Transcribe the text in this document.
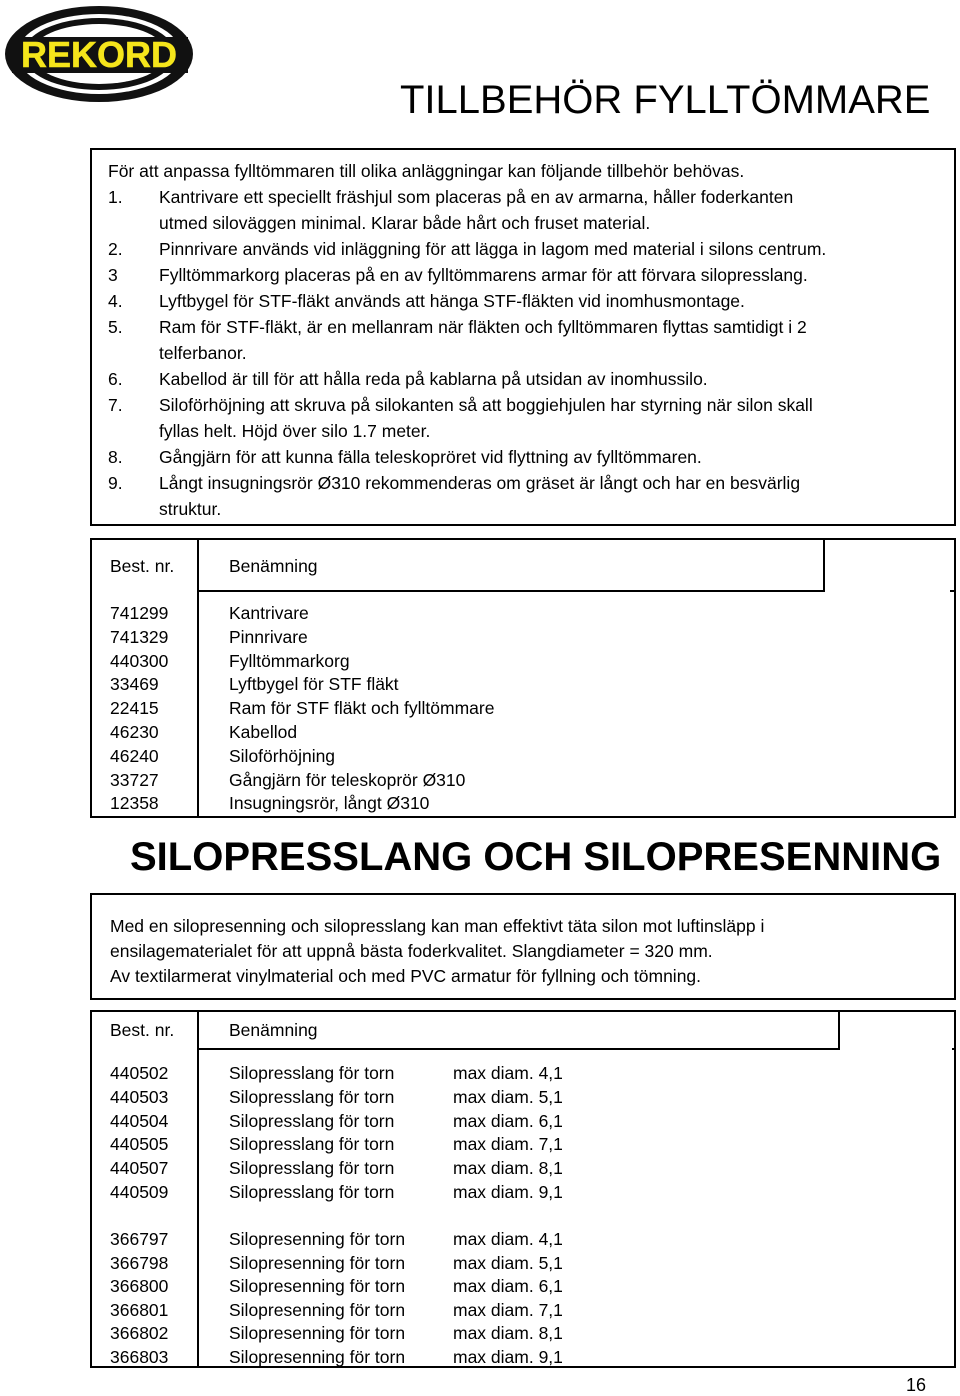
REKORD
TILLBEHÖR FYLLTÖMMARE
För att anpassa fylltömmaren till olika anläggningar kan följande tillbehör behövas.
1.	Kantrivare ett speciellt fräshjul som placeras på en av armarna, håller foderkanten
utmed siloväggen minimal. Klarar både hårt och fruset material.
2.	Pinnrivare används vid inläggning för att lägga in lagom med material i silons centrum.
3	Fylltömmarkorg placeras på en av fylltömmarens armar för att förvara silopresslang.
4.	Lyftbygel för STF-fläkt används att hänga STF-fläkten vid inomhusmontage.
5.	Ram för STF-fläkt, är en mellanram när fläkten och fylltömmaren flyttas samtidigt i 2
telferbanor.
6.	Kabellod är till för att hålla reda på kablarna på utsidan av inomhussilo.
7.	Siloförhöjning att skruva på silokanten så att boggiehjulen har styrning när silon skall
fyllas helt. Höjd över silo 1.7 meter.
8.	Gångjärn för att kunna fälla teleskopröret vid flyttning av fylltömmaren.
9.	Långt insugningsrör Ø310 rekommenderas om gräset är långt och har en besvärlig
struktur.
Best. nr.	Benämning
741299	Kantrivare
741329	Pinnrivare
440300	Fylltömmarkorg
33469	Lyftbygel för STF fläkt
22415	Ram för STF fläkt och fylltömmare
46230	Kabellod
46240	Siloförhöjning
33727	Gångjärn för teleskoprör Ø310
12358	Insugningsrör, långt Ø310
SILOPRESSLANG OCH SILOPRESENNING
Med en silopresenning och silopresslang kan man effektivt täta silon mot luftinsläpp i
ensilagematerialet för att uppnå bästa foderkvalitet. Slangdiameter = 320 mm.
Av textilarmerat vinylmaterial och med PVC armatur för fyllning och tömning.
Best. nr.	Benämning
440502	Silopresslang för torn	max diam. 4,1
440503	Silopresslang för torn	max diam. 5,1
440504	Silopresslang för torn	max diam. 6,1
440505	Silopresslang för torn	max diam. 7,1
440507	Silopresslang för torn	max diam. 8,1
440509	Silopresslang för torn	max diam. 9,1
366797	Silopresenning för torn	max diam. 4,1
366798	Silopresenning för torn	max diam. 5,1
366800	Silopresenning för torn	max diam. 6,1
366801	Silopresenning för torn	max diam. 7,1
366802	Silopresenning för torn	max diam. 8,1
366803	Silopresenning för torn	max diam. 9,1
16
